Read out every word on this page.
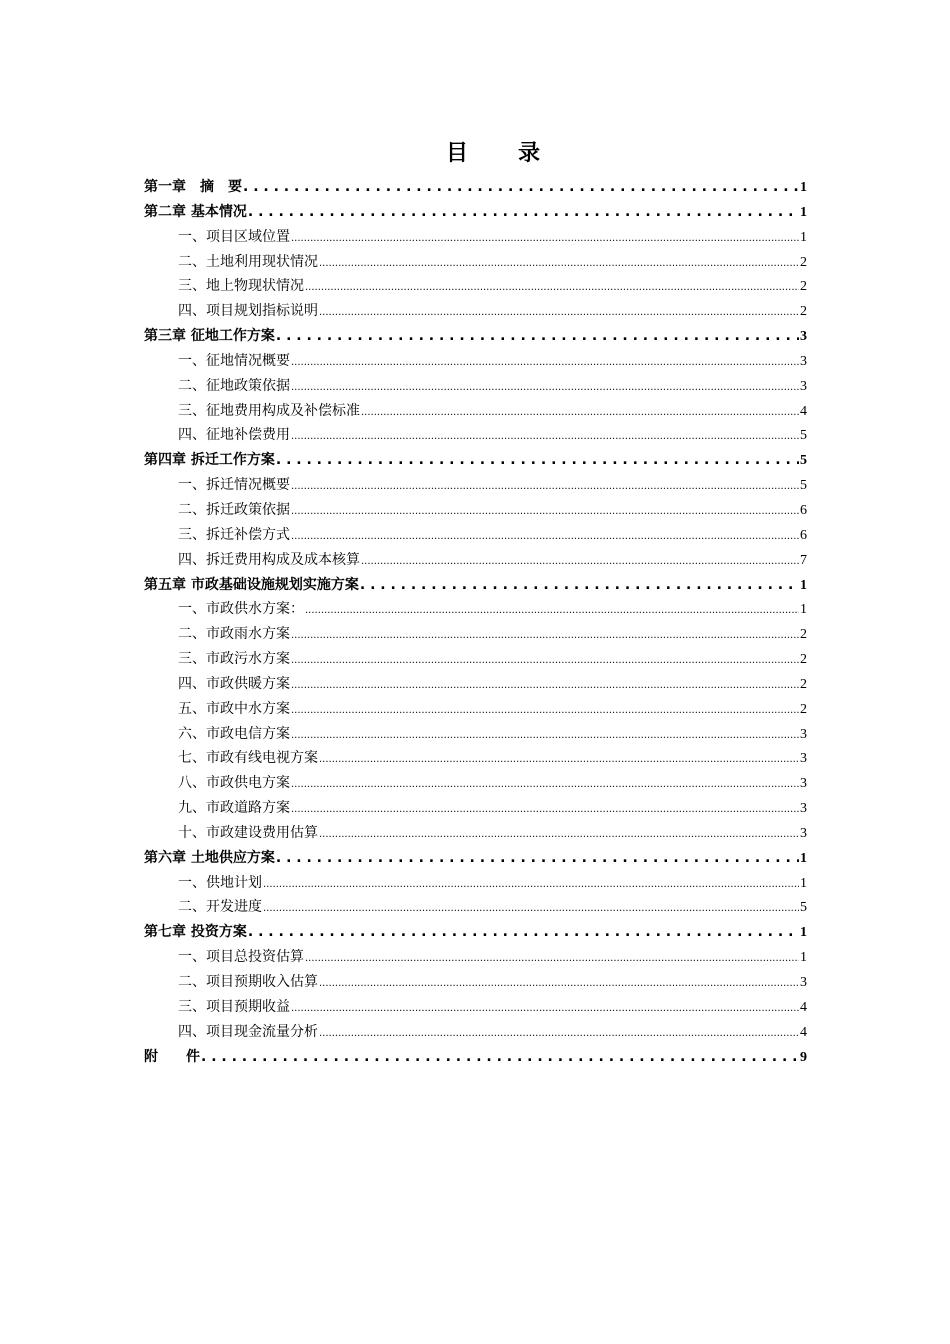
目　录
第一章　摘　要 . . .	1
第二章 基本情况 . . .	1
一、项目区域位置 .....	1
二、土地利用现状情况 .....	2
三、地上物现状情况 .....	2
四、项目规划指标说明 .....	2
第三章 征地工作方案 . . .	3
一、征地情况概要 .....	3
二、征地政策依据 .....	3
三、征地费用构成及补偿标准 .....	4
四、征地补偿费用 .....	5
第四章 拆迁工作方案 . . .	5
一、拆迁情况概要 .....	5
二、拆迁政策依据 .....	6
三、拆迁补偿方式 .....	6
四、拆迁费用构成及成本核算 .....	7
第五章 市政基础设施规划实施方案 . . .	1
一、市政供水方案： .....	1
二、市政雨水方案 .....	2
三、市政污水方案 .....	2
四、市政供暖方案 .....	2
五、市政中水方案 .....	2
六、市政电信方案 .....	3
七、市政有线电视方案 .....	3
八、市政供电方案 .....	3
九、市政道路方案 .....	3
十、市政建设费用估算 .....	3
第六章 土地供应方案 . . .	1
一、供地计划 .....	1
二、开发进度 .....	5
第七章 投资方案 . . .	1
一、项目总投资估算 .....	1
二、项目预期收入估算 .....	3
三、项目预期收益 .....	4
四、项目现金流量分析 .....	4
附　　件 . . .	9
